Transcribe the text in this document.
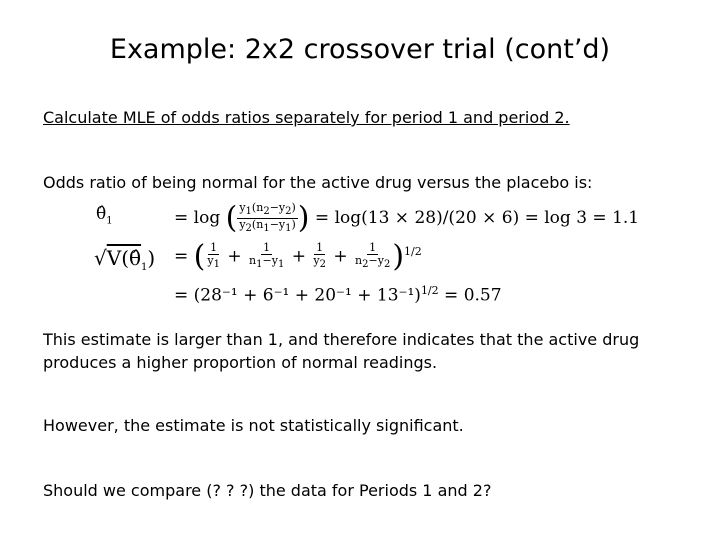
Example: 2x2 crossover trial (cont’d)

Calculate MLE of odds ratios separately for period 1 and period 2.

Odds ratio of being normal for the active drug versus the placebo is:

$\thetâ_1$	= log ( $\frac{y_1(n_2-y_2)}{y_2(n_1-y_1)}$ ) = log(13 × 28)/(20 × 6) = log 3 = 1.1
$√V(\thetâ_1)$ = ( $\frac{1}{y_1} + \frac{1}{n_1-y_1} + \frac{1}{y_2} + \frac{1}{n_2-y_2} )^{1/2}$
= $(28^{-1} + 6^{-1} + 20^{-1} + 13^{-1})^{1/2} = 0.57$

This estimate is larger than 1, and therefore indicates that the active drug produces a higher proportion of normal readings.

However, the estimate is not statistically significant.

Should we compare (? ? ?) the data for Periods 1 and 2?
